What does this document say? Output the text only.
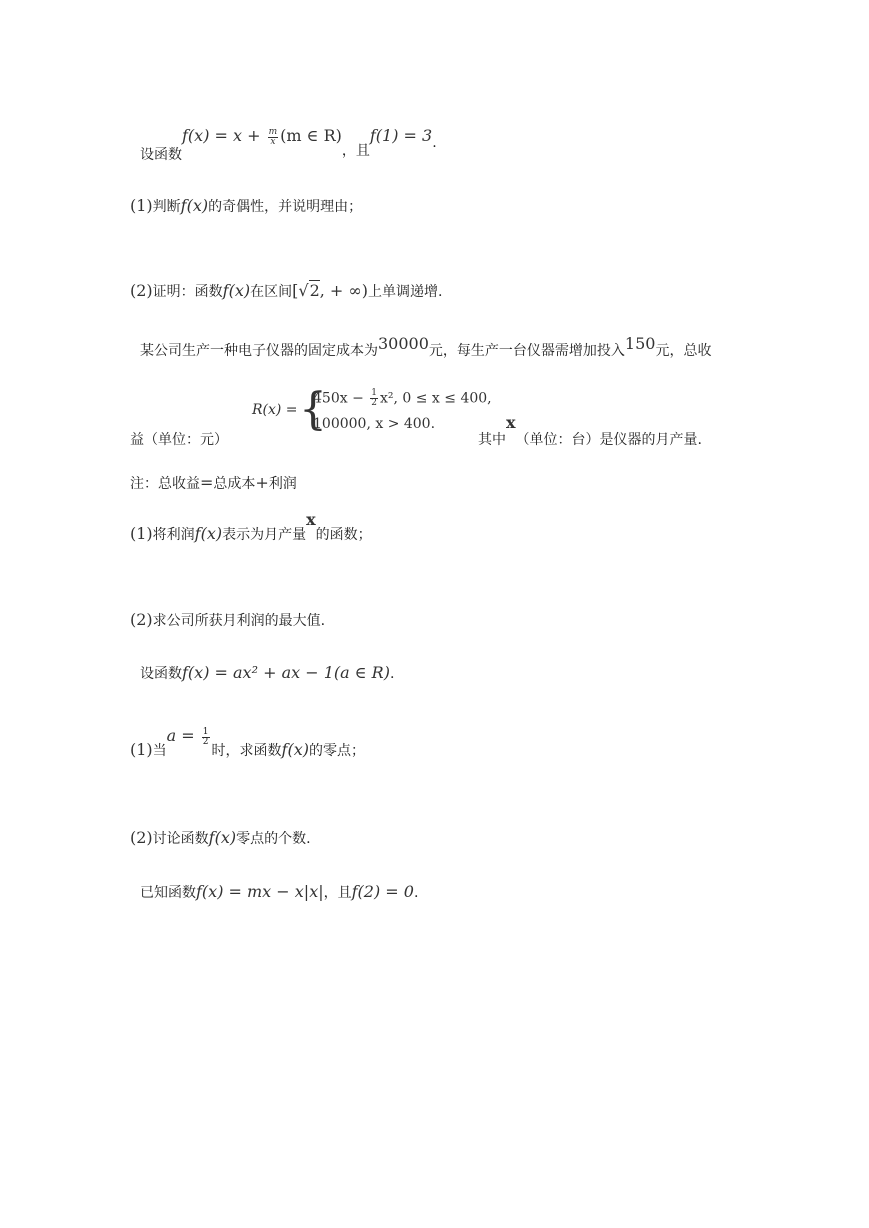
设函数$f(x) = x + \frac{m}{x} (m$ ∈ R)，且f(1) = 3.
(1)判断f(x)的奇偶性，并说明理由；
(2)证明：函数f(x)在区间[√2, + ∞)上单调递增.
某公司生产一种电子仪器的固定成本为30000元，每生产一台仪器需增加投入150元，总收
益（单位：元）
R(x) = {
$450x - \frac{1}{2} x^2$, 0 ≤ x ≤ 400,
100000, x > 400.
其中x（单位：台）是仪器的月产量.
注：总收益=总成本+利润
(1)将利润f(x)表示为月产量x的函数；
(2)求公司所获月利润的最大值.
设函数f(x) = ax² + ax − 1(a ∈ R).
(1)当$a = \frac{1}{2}$
时，求函数f(x)的零点；
(2)讨论函数f(x)零点的个数.
已知函数f(x) = mx − x|x|，且f(2) = 0.
